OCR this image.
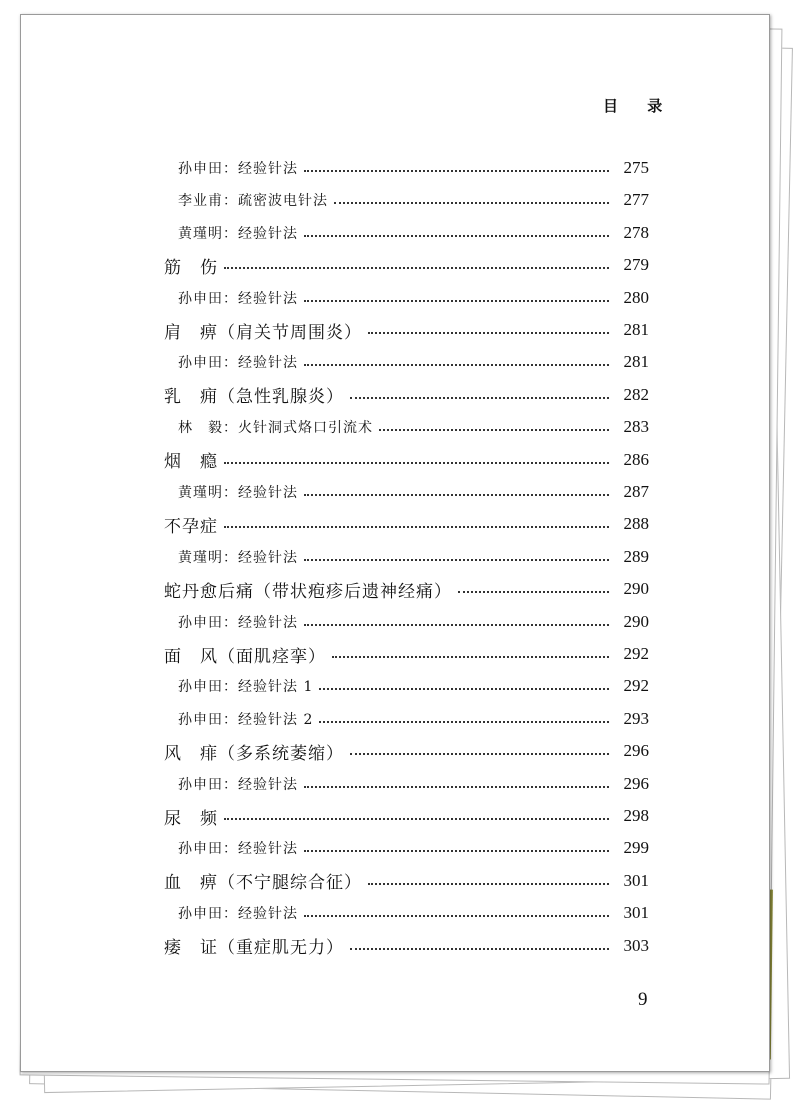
目 录
孙申田：经验针法	275
李业甫：疏密波电针法	277
黄瑾明：经验针法	278
筋　伤	279
孙申田：经验针法	280
肩　痹（肩关节周围炎）	281
孙申田：经验针法	281
乳　痈（急性乳腺炎）	282
林　毅：火针洞式烙口引流术	283
烟　瘾	286
黄瑾明：经验针法	287
不孕症	288
黄瑾明：经验针法	289
蛇丹愈后痛（带状疱疹后遗神经痛）	290
孙申田：经验针法	290
面　风（面肌痉挛）	292
孙申田：经验针法 1	292
孙申田：经验针法 2	293
风　痱（多系统萎缩）	296
孙申田：经验针法	296
尿　频	298
孙申田：经验针法	299
血　痹（不宁腿综合征）	301
孙申田：经验针法	301
痿　证（重症肌无力）	303
9
